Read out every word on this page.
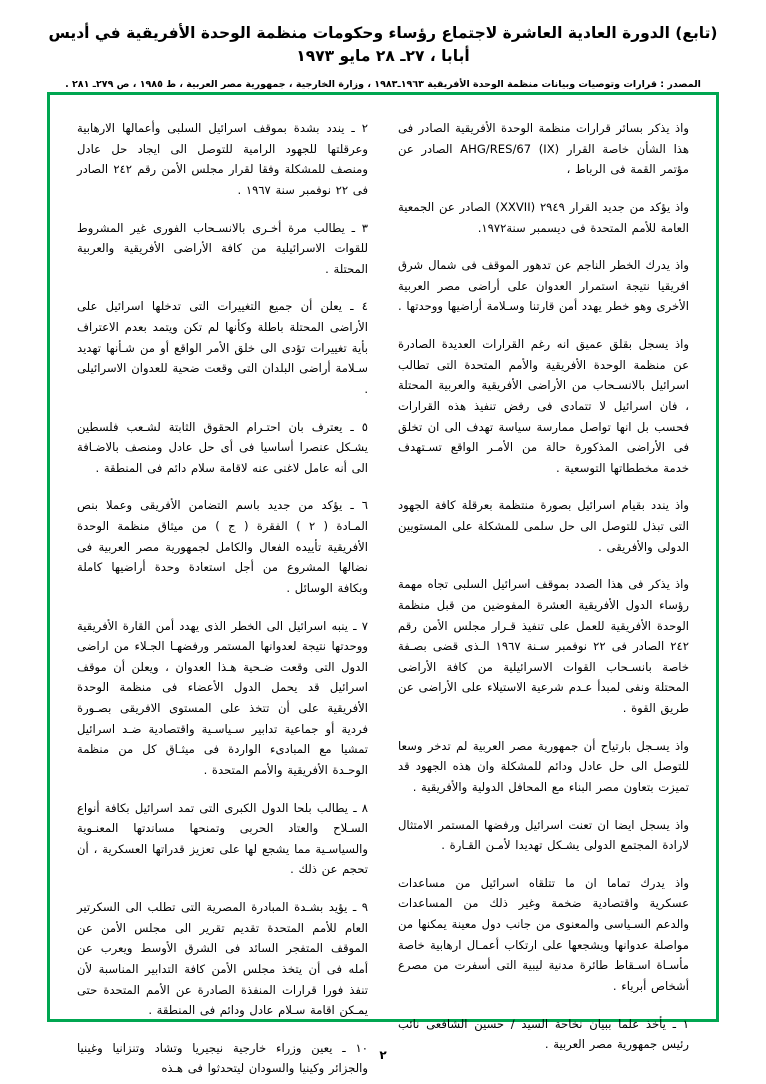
(تابع) الدورة العادية العاشرة لاجتماع رؤساء وحكومات منظمة الوحدة الأفريقية في أديس أبابا ، ٢٧ـ ٢٨ مايو ١٩٧٣
المصدر : قرارات وتوصيات وبيانات منظمة الوحدة الأفريقية ١٩٦٣ـ١٩٨٣ ، وزارة الخارجية ، جمهورية مصر العربية ، ط ١٩٨٥ ، ص ٢٧٩ـ ٢٨١ .
واذ يذكر بسائر قرارات منظمة الوحدة الأفريقية الصادر فى هذا الشأن خاصة القرار AHG/RES/67 (IX) الصادر عن مؤتمر القمة فى الرباط ،
واذ يؤكد من جديد القرار ٢٩٤٩ (XXVII) الصادر عن الجمعية العامة للأمم المتحدة فى ديسمبر سنة١٩٧٢.
واذ يدرك الخطر الناجم عن تدهور الموقف فى شمال شرق افريقيا نتيجة استمرار العدوان على أراضى مصر العربية الأخرى وهو خطر يهدد أمن قارتنا وسـلامة أراضيها ووحدتها .
واذ يسجل بقلق عميق انه رغم القرارات العديدة الصادرة عن منظمة الوحدة الأفريقية والأمم المتحدة التى تطالب اسرائيل بالانسـحاب من الأراضى الأفريقية والعربية المحتلة ، فان اسرائيل لا تتمادى فى رفض تنفيذ هذه القرارات فحسب بل انها تواصل ممارسة سياسة تهدف الى ان تخلق فى الأراضى المذكورة حالة من الأمـر الواقع تسـتهدف خدمة مخططاتها التوسعية .
واذ يندد بقيام اسرائيل بصورة منتظمة بعرقلة كافة الجهود التى تبذل للتوصل الى حل سلمى للمشكلة على المستويين الدولى والأفريقى .
واذ يذكر فى هذا الصدد بموقف اسرائيل السلبى تجاه مهمة رؤساء الدول الأفريقية العشرة المفوضين من قبل منظمة الوحدة الأفريقية للعمل على تنفيذ قـرار مجلس الأمن رقم ٢٤٢ الصادر فى ٢٢ نوفمبر سـنة ١٩٦٧ الـذى قضى بصـفة خاصة بانسـحاب القوات الاسرائيلية من كافة الأراضى المحتلة ونفى لمبدأ عـدم شرعية الاستيلاء على الأراضى عن طريق القوة .
واذ يسـجل بارتياح أن جمهورية مصر العربية لم تدخر وسعا للتوصل الى حل عادل ودائم للمشكلة وان هذه الجهود قد تميزت بتعاون مصر البناء مع المحافل الدولية والأفريقية .
واذ يسجل ايضا ان تعنت اسرائيل ورفضها المستمر الامتثال لارادة المجتمع الدولى يشـكل تهديدا لأمـن القـارة .
واذ يدرك تماما ان ما تتلقاه اسرائيل من مساعدات عسكرية واقتصادية ضخمة وغير ذلك من المساعدات والدعم السـياسى والمعنوى من جانب دول معينة يمكنها من مواصلة عدوانها ويشجعها على ارتكاب أعمـال ارهابية خاصة مأسـاة اسـقاط طائرة مدنية ليبية التى أسفرت من مصرع أشخاص أبرياء .
١ ـ يأخذ علما ببيان نخاحة السيد / حسين الشافعى نائب رئيس جمهورية مصر العربية .
٢ ـ يندد بشدة بموقف اسرائيل السلبى وأعمالها الارهابية وعرقلتها للجهود الرامية للتوصل الى ايجاد حل عادل ومنصف للمشكلة وفقا لقرار مجلس الأمن رقم ٢٤٢ الصادر فى ٢٢ نوفمبر سنة ١٩٦٧ .
٣ ـ يطالب مرة أخـرى بالانسـحاب الفورى غير المشروط للقوات الاسرائيلية من كافة الأراضى الأفريقية والعربية المحتلة .
٤ ـ يعلن أن جميع التغييرات التى تدخلها اسرائيل على الأراضى المحتلة باطلة وكأنها لم تكن ويتمد بعدم الاعتراف بأية تغييرات تؤدى الى خلق الأمر الواقع أو من شـأنها تهديد سـلامة أراضى البلدان التى وقعت ضحية للعدوان الاسرائيلى .
٥ ـ يعترف بان احتـرام الحقوق الثابتة لشـعب فلسطين يشـكل عنصرا أساسيا فى أى حل عادل ومنصف بالاضـافة الى أنه عامل لاغنى عنه لاقامة سلام دائم فى المنطقة .
٦ ـ يؤكد من جديد باسم التضامن الأفريقى وعملا بنص المـادة ( ٢ ) الفقرة ( ج ) من ميثاق منظمة الوحدة الأفريقية تأييده الفعال والكامل لجمهورية مصر العربية فى نضالها المشروع من أجل استعادة وحدة أراضيها كاملة وبكافة الوسائل .
٧ ـ ينبه اسرائيل الى الخطر الذى يهدد أمن القارة الأفريقية ووحدتها نتيجة لعدوانها المستمر ورفضهـا الجـلاء من اراضى الدول التى وقعت ضـحية هـذا العدوان ، ويعلن أن موقف اسرائيل قد يحمل الدول الأعضاء فى منظمة الوحدة الأفريقية على أن تتخذ على المستوى الافريقى بصـورة فردية أو جماعية تدابير سـياسـية واقتصادية ضـد اسرائيل تمشيا مع المبادىء الواردة فى ميثـاق كل من منظمة الوحـدة الأفريقية والأمم المتحدة .
٨ ـ يطالب بلحا الدول الكبرى التى تمد اسرائيل بكافة أنواع السـلاح والعتاد الحربى وتمنحها مساندتها المعنـوية والسياسـية مما يشجع لها على تعزيز قدراتها العسكرية ، أن تحجم عن ذلك .
٩ ـ يؤيد بشـدة المبادرة المصرية التى تطلب الى السكرتير العام للأمم المتحدة تقديم تقرير الى مجلس الأمن عن الموقف المتفجر السائد فى الشرق الأوسط ويعرب عن أمله فى أن يتخذ مجلس الأمن كافة التدابير المناسبة لأن تنفذ فورا قرارات المنفذة الصادرة عن الأمم المتحدة حتى يمـكن اقامة سـلام عادل ودائم فى المنطقة .
١٠ ـ يعين وزراء خارجية نيجيريا وتشاد وتنزانيا وغينيا والجزائر وكينيا والسودان ليتحدثوا فى هـذه
٢
